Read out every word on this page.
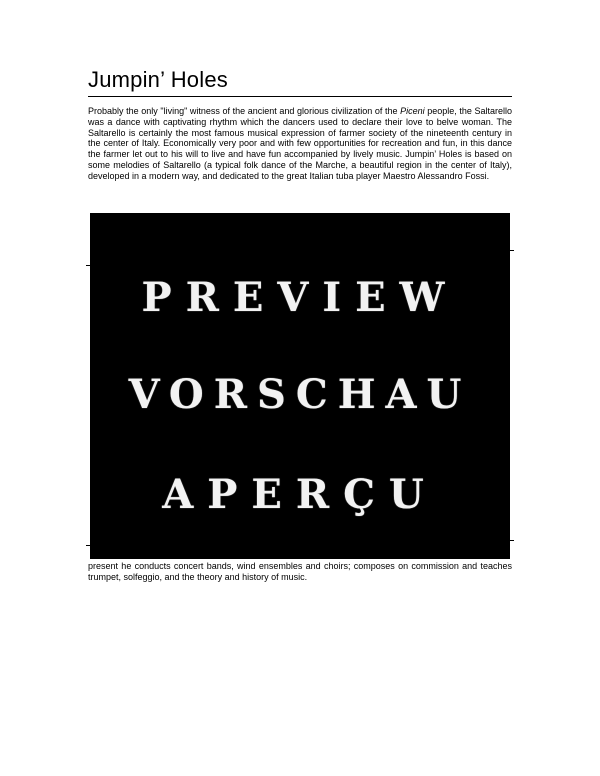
Jumpin’ Holes

Probably the only "living" witness of the ancient and glorious civilization of the Piceni people, the Saltarello was a dance with captivating rhythm which the dancers used to declare their love to belve woman. The Saltarello is certainly the most famous musical expression of farmer society of the nineteenth century in the center of Italy. Economically very poor and with few opportunities for recreation and fun, in this dance the farmer let out to his will to live and have fun accompanied by lively music. Jumpin’ Holes is based on some melodies of Saltarello (a typical folk dance of the Marche, a beautiful region in the center of Italy), developed in a modern way, and dedicated to the great Italian tuba player Maestro Alessandro Fossi.

PREVIEW
VORSCHAU
APERÇU

present he conducts concert bands, wind ensembles and choirs; composes on commission and teaches trumpet, solfeggio, and the theory and history of music.
